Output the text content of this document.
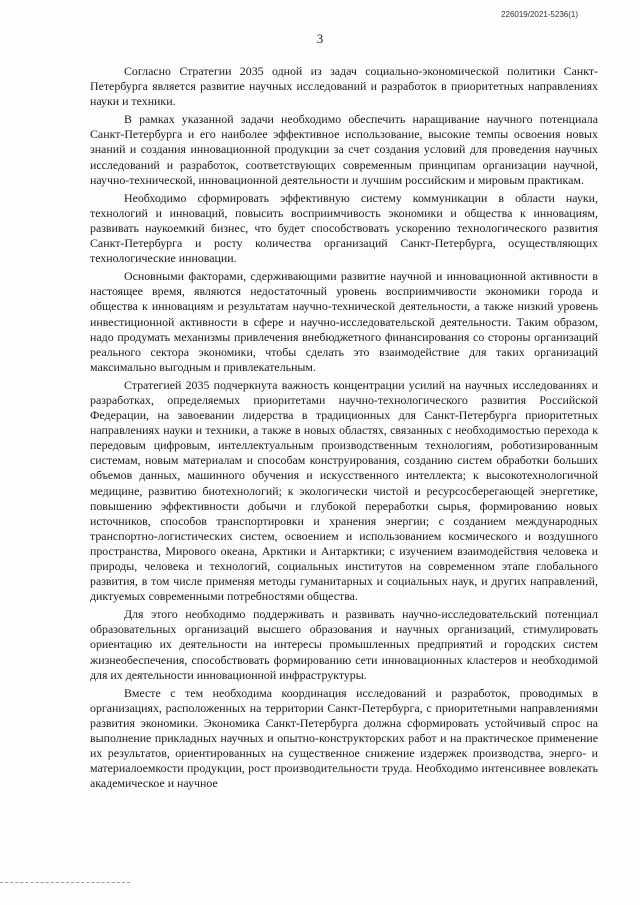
226019/2021-5236(1)
3

Согласно Стратегии 2035 одной из задач социально-экономической политики Санкт-Петербурга является развитие научных исследований и разработок в приоритетных направлениях науки и техники.

В рамках указанной задачи необходимо обеспечить наращивание научного потенциала Санкт-Петербурга и его наиболее эффективное использование, высокие темпы освоения новых знаний и создания инновационной продукции за счет создания условий для проведения научных исследований и разработок, соответствующих современным принципам организации научной, научно-технической, инновационной деятельности и лучшим российским и мировым практикам.

Необходимо сформировать эффективную систему коммуникации в области науки, технологий и инноваций, повысить восприимчивость экономики и общества к инновациям, развивать наукоемкий бизнес, что будет способствовать ускорению технологического развития Санкт-Петербурга и росту количества организаций Санкт-Петербурга, осуществляющих технологические инновации.

Основными факторами, сдерживающими развитие научной и инновационной активности в настоящее время, являются недостаточный уровень восприимчивости экономики города и общества к инновациям и результатам научно-технической деятельности, а также низкий уровень инвестиционной активности в сфере и научно-исследовательской деятельности. Таким образом, надо продумать механизмы привлечения внебюджетного финансирования со стороны организаций реального сектора экономики, чтобы сделать это взаимодействие для таких организаций максимально выгодным и привлекательным.

Стратегией 2035 подчеркнута важность концентрации усилий на научных исследованиях и разработках, определяемых приоритетами научно-технологического развития Российской Федерации, на завоевании лидерства в традиционных для Санкт-Петербурга приоритетных направлениях науки и техники, а также в новых областях, связанных с необходимостью перехода к передовым цифровым, интеллектуальным производственным технологиям, роботизированным системам, новым материалам и способам конструирования, созданию систем обработки больших объемов данных, машинного обучения и искусственного интеллекта; к высокотехнологичной медицине, развитию биотехнологий; к экологически чистой и ресурсосберегающей энергетике, повышению эффективности добычи и глубокой переработки сырья, формированию новых источников, способов транспортировки и хранения энергии; с созданием международных транспортно-логистических систем, освоением и использованием космического и воздушного пространства, Мирового океана, Арктики и Антарктики; с изучением взаимодействия человека и природы, человека и технологий, социальных институтов на современном этапе глобального развития, в том числе применяя методы гуманитарных и социальных наук, и других направлений, диктуемых современными потребностями общества.

Для этого необходимо поддерживать и развивать научно-исследовательский потенциал образовательных организаций высшего образования и научных организаций, стимулировать ориентацию их деятельности на интересы промышленных предприятий и городских систем жизнеобеспечения, способствовать формированию сети инновационных кластеров и необходимой для их деятельности инновационной инфраструктуры.

Вместе с тем необходима координация исследований и разработок, проводимых в организациях, расположенных на территории Санкт-Петербурга, с приоритетными направлениями развития экономики. Экономика Санкт-Петербурга должна сформировать устойчивый спрос на выполнение прикладных научных и опытно-конструкторских работ и на практическое применение их результатов, ориентированных на существенное снижение издержек производства, энерго- и материалоемкости продукции, рост производительности труда. Необходимо интенсивнее вовлекать академическое и научное
